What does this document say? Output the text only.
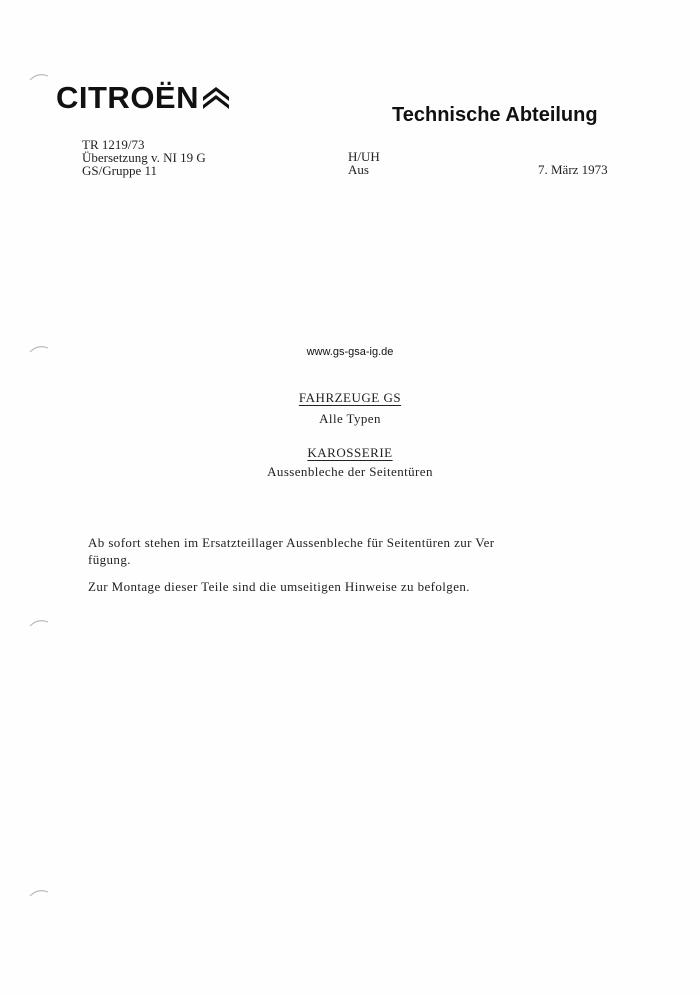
CITROËN
Technische Abteilung
TR 1219/73
Übersetzung v. NI 19 G
GS/Gruppe 11
H/UH
Aus	7. März 1973
www.gs-gsa-ig.de
FAHRZEUGE GS
Alle Typen
KAROSSERIE
Aussenbleche der Seitentüren
Ab sofort stehen im Ersatzteillager Aussenbleche für Seitentüren zur Ver
fügung.
Zur Montage dieser Teile sind die umseitigen Hinweise zu befolgen.
